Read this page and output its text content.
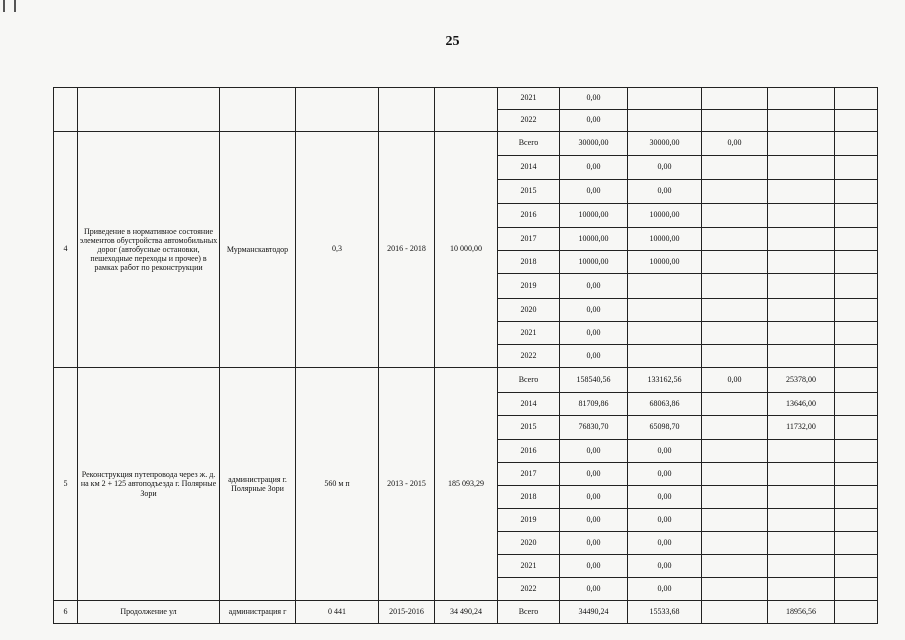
25
						2021	0,00				
						2022	0,00				
4	Приведение в нормативное состояние элементов обустройства автомобильных дорог (автобусные остановки, пешеходные переходы и прочее) в рамках работ по реконструкции	Мурманскавтодор	0,3	2016 - 2018	10 000,00	Всего	30000,00	30000,00	0,00		
						2014	0,00	0,00			
						2015	0,00	0,00			
						2016	10000,00	10000,00			
						2017	10000,00	10000,00			
						2018	10000,00	10000,00			
						2019	0,00				
						2020	0,00				
						2021	0,00				
						2022	0,00				
5	Реконструкция путепровода через ж. д. на км 2 + 125 автоподъезда г. Полярные Зори	администрация г. Полярные Зори	560 м п	2013 - 2015	185 093,29	Всего	158540,56	133162,56	0,00	25378,00	
						2014	81709,86	68063,86		13646,00	
						2015	76830,70	65098,70		11732,00	
						2016	0,00	0,00			
						2017	0,00	0,00			
						2018	0,00	0,00			
						2019	0,00	0,00			
						2020	0,00	0,00			
						2021	0,00	0,00			
						2022	0,00	0,00			
6	Продолжение ул	администрация г	0 441	2015-2016	34 490,24	Всего	34490,24	15533,68		18956,56	
